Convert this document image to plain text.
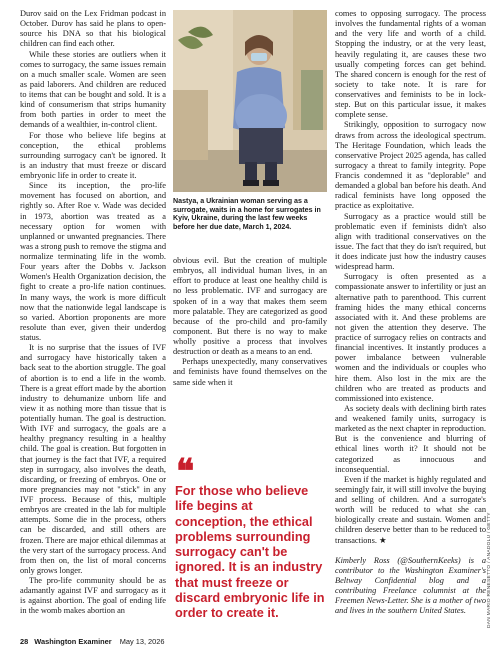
Durov said on the Lex Fridman podcast in October. Durov has said he plans to open-source his DNA so that his biological children can find each other.

While these stories are outliers when it comes to surrogacy, the same issues remain on a much smaller scale. Women are seen as paid laborers. And children are reduced to items that can be bought and sold. It is a kind of consumerism that strips humanity from both parties in order to meet the demands of a wealthier, in-control client.

For those who believe life begins at conception, the ethical problems surrounding surrogacy can't be ignored. It is an industry that must freeze or discard embryonic life in order to create it.

Since its inception, the pro-life movement has focused on abortion, and rightly so. After Roe v. Wade was decided in 1973, abortion was treated as a necessary option for women with unplanned or unwanted pregnancies. There was a strong push to remove the stigma and normalize terminating life in the womb. Four years after the Dobbs v. Jackson Women's Health Organization decision, the fight to create a pro-life nation continues. In many ways, the work is more difficult now that the nationwide legal landscape is so varied. Abortion proponents are more resolute than ever, given their underdog status.

It is no surprise that the issues of IVF and surrogacy have historically taken a back seat to the abortion struggle. The goal of abortion is to end a life in the womb. There is a great effort made by the abortion industry to dehumanize unborn life and view it as nothing more than tissue that is potentially human. The goal is destruction. With IVF and surrogacy, the goals are a healthy pregnancy resulting in a healthy child. The goal is creation. But forgotten in that journey is the fact that IVF, a required step in surrogacy, also involves the death, discarding, or freezing of embryos. One or more pregnancies may not "stick" in any IVF process. Because of this, multiple embryos are created in the lab for multiple attempts. Some die in the process, others can be discarded, and still others are frozen. There are major ethical dilemmas at the very start of the surrogacy process. And from then on, the list of moral concerns only grows longer.

The pro-life community should be as adamantly against IVF and surrogacy as it is against abortion. The goal of ending life in the womb makes abortion an

Nastya, a Ukrainian woman serving as a surrogate, waits in a home for surrogates in Kyiv, Ukraine, during the last few weeks before her due date, March 1, 2024.

obvious evil. But the creation of multiple embryos, all individual human lives, in an effort to produce at least one healthy child is no less problematic. IVF and surrogacy are spoken of in a way that makes them seem more palatable. They are categorized as good because of the pro-child and pro-family component. But there is no way to make wholly positive a process that involves destruction or death as a means to an end.

Perhaps unexpectedly, many conservatives and feminists have found themselves on the same side when it

❝
For those who believe life begins at conception, the ethical problems surrounding surrogacy can't be ignored. It is an industry that must freeze or discard embryonic life in order to create it.

comes to opposing surrogacy. The process involves the fundamental rights of a woman and the very life and worth of a child. Stopping the industry, or at the very least, heavily regulating it, are causes these two usually competing forces can get behind. The shared concern is enough for the rest of society to take note. It is rare for conservatives and feminists to be in lock-step. But on this particular issue, it makes complete sense.

Strikingly, opposition to surrogacy now draws from across the ideological spectrum. The Heritage Foundation, which leads the conservative Project 2025 agenda, has called surrogacy a threat to family integrity. Pope Francis condemned it as "deplorable" and demanded a global ban before his death. And radical feminists have long opposed the practice as exploitative.

Surrogacy as a practice would still be problematic even if feminists didn't also align with traditional conservatives on the issue. The fact that they do isn't required, but it does indicate just how the industry causes widespread harm.

Surrogacy is often presented as a compassionate answer to infertility or just an alternative path to parenthood. This current framing hides the many ethical concerns associated with it. And these problems are not given the attention they deserve. The practice of surrogacy relies on contracts and financial incentives. It instantly produces a power imbalance between vulnerable women and the individuals or couples who hire them. Also lost in the mix are the children who are treated as products and commissioned into existence.

As society deals with declining birth rates and weakened family units, surrogacy is marketed as the next chapter in reproduction. But is the convenience and blurring of ethical lines worth it? It should not be categorized as innocuous and inconsequential.

Even if the market is highly regulated and seemingly fair, it will still involve the buying and selling of children. And a surrogate's worth will be reduced to what she can biologically create and sustain. Women and children deserve better than to be reduced to transactions. ★

Kimberly Ross (@SouthernKeeks) is a contributor to the Washington Examiner's Beltway Confidential blog and a contributing Freelance columnist at the Freemen News-Letter. She is a mother of two and lives in the southern United States.	DAN MARIO RENESETTO / ANADOLU / GETTY
28 Washington Examiner May 13, 2026
